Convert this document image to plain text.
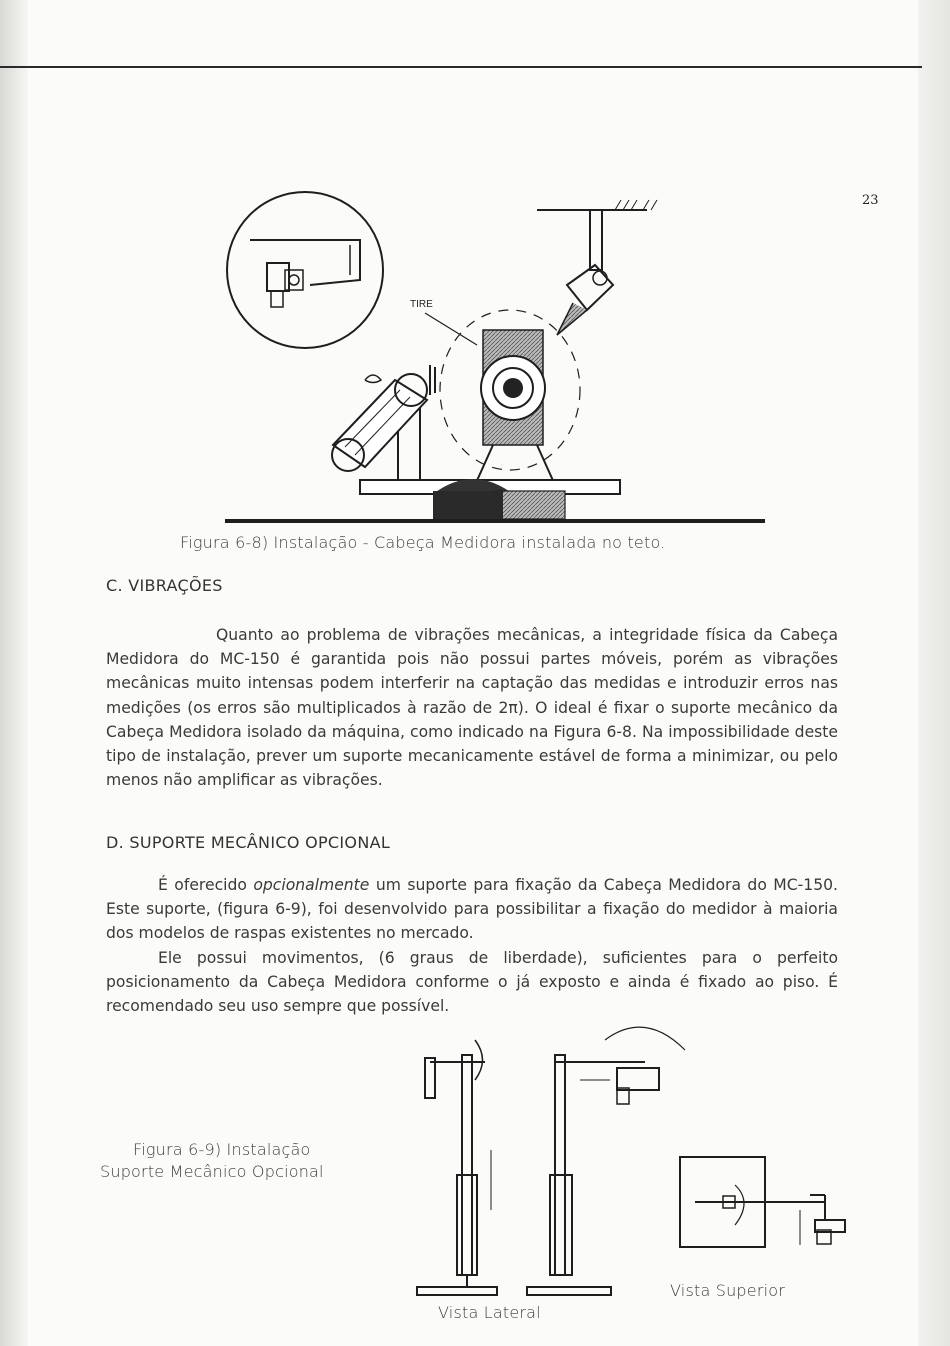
23
TIRE
Figura 6-8) Instalação - Cabeça Medidora instalada no teto.
C. VIBRAÇÕES

Quanto ao problema de vibrações mecânicas, a integridade física da Cabeça Medidora do MC-150 é garantida pois não possui partes móveis, porém as vibrações mecânicas muito intensas podem interferir na captação das medidas e introduzir erros nas medições (os erros são multiplicados à razão de 2π). O ideal é fixar o suporte mecânico da Cabeça Medidora isolado da máquina, como indicado na Figura 6-8. Na impossibilidade deste tipo de instalação, prever um suporte mecanicamente estável de forma a minimizar, ou pelo menos não amplificar as vibrações.

D. SUPORTE MECÂNICO OPCIONAL

É oferecido opcionalmente um suporte para fixação da Cabeça Medidora do MC-150. Este suporte, (figura 6-9), foi desenvolvido para possibilitar a fixação do medidor à maioria dos modelos de raspas existentes no mercado.

Ele possui movimentos, (6 graus de liberdade), suficientes para o perfeito posicionamento da Cabeça Medidora conforme o já exposto e ainda é fixado ao piso. É recomendado seu uso sempre que possível.

Figura 6-9) Instalação
Suporte Mecânico Opcional
Vista Lateral
Vista Superior
